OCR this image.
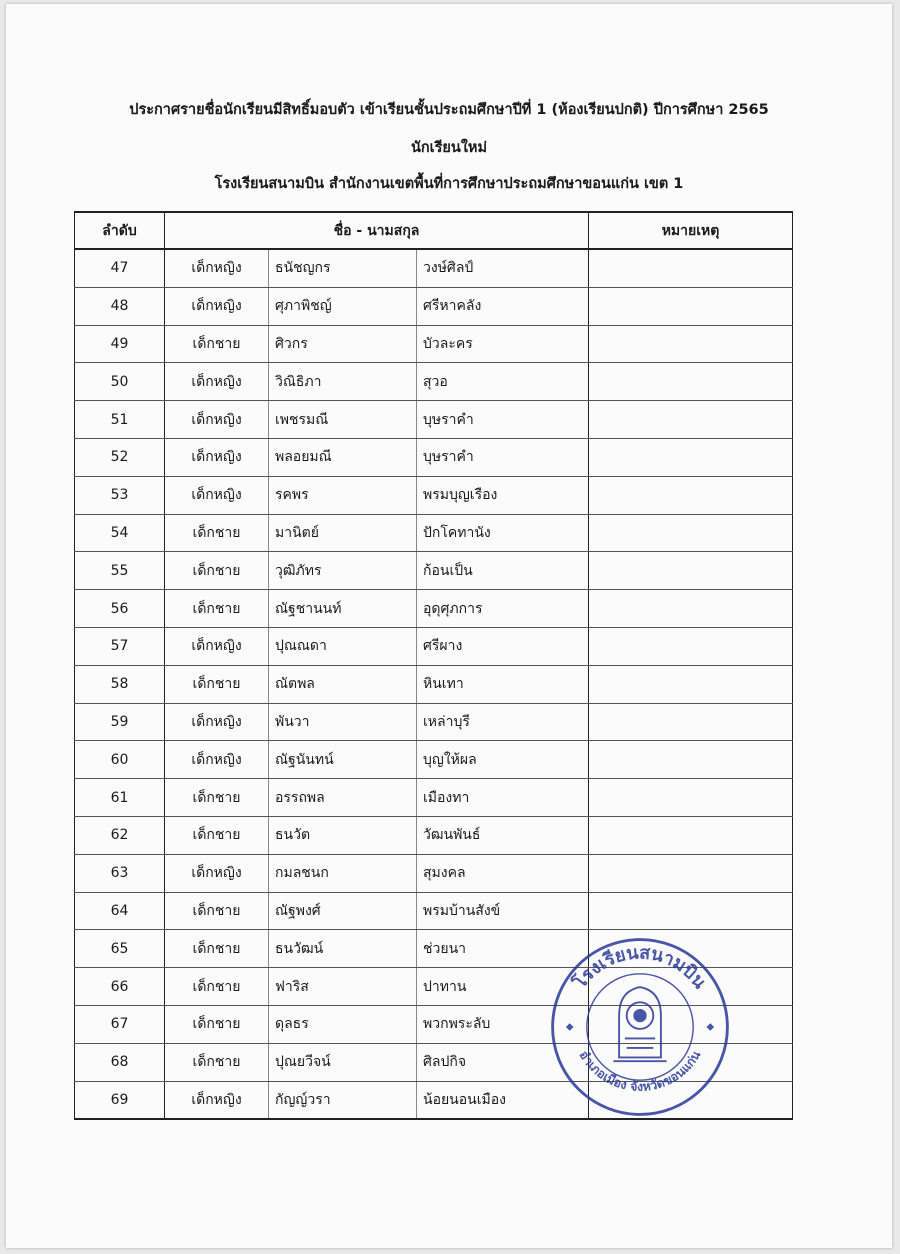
ประกาศรายชื่อนักเรียนมีสิทธิ์มอบตัว เข้าเรียนชั้นประถมศึกษาปีที่ 1 (ห้องเรียนปกติ) ปีการศึกษา 2565
นักเรียนใหม่
โรงเรียนสนามบิน สำนักงานเขตพื้นที่การศึกษาประถมศึกษาขอนแก่น เขต 1
ลำดับ	ชื่อ - นามสกุล			หมายเหตุ
47	เด็กหญิง	ธนัชญกร	วงษ์ศิลป์	
48	เด็กหญิง	ศุภาพิชญ์	ศรีหาคลัง	
49	เด็กชาย	ศิวกร	บัวละคร	
50	เด็กหญิง	วิณิธิภา	สุวอ	
51	เด็กหญิง	เพชรมณี	บุษราคำ	
52	เด็กหญิง	พลอยมณี	บุษราคำ	
53	เด็กหญิง	รคพร	พรมบุญเรือง	
54	เด็กชาย	มานิตย์	ปักโคทานัง	
55	เด็กชาย	วุฒิภัทร	ก้อนเป็น	
56	เด็กชาย	ณัฐชานนท์	อุดุศุภการ	
57	เด็กหญิง	ปุณณดา	ศรีผาง	
58	เด็กชาย	ณัตพล	หินเทา	
59	เด็กหญิง	พันวา	เหล่าบุรี	
60	เด็กหญิง	ณัฐนันทน์	บุญให้ผล	
61	เด็กชาย	อรรถพล	เมืองทา	
62	เด็กชาย	ธนวัต	วัฒนพันธ์	
63	เด็กหญิง	กมลชนก	สุมงคล	
64	เด็กชาย	ณัฐพงศ์	พรมบ้านสังข์	
65	เด็กชาย	ธนวัฒน์	ช่วยนา	
66	เด็กชาย	ฟาริส	ปาทาน	
67	เด็กชาย	ดุลธร	พวกพระลับ	
68	เด็กชาย	ปุณยวีจน์	ศิลปกิจ	
69	เด็กหญิง	กัญญ์วรา	น้อยนอนเมือง	
โรงเรียนสนามบิน
อำเภอเมือง จังหวัดขอนแก่น
